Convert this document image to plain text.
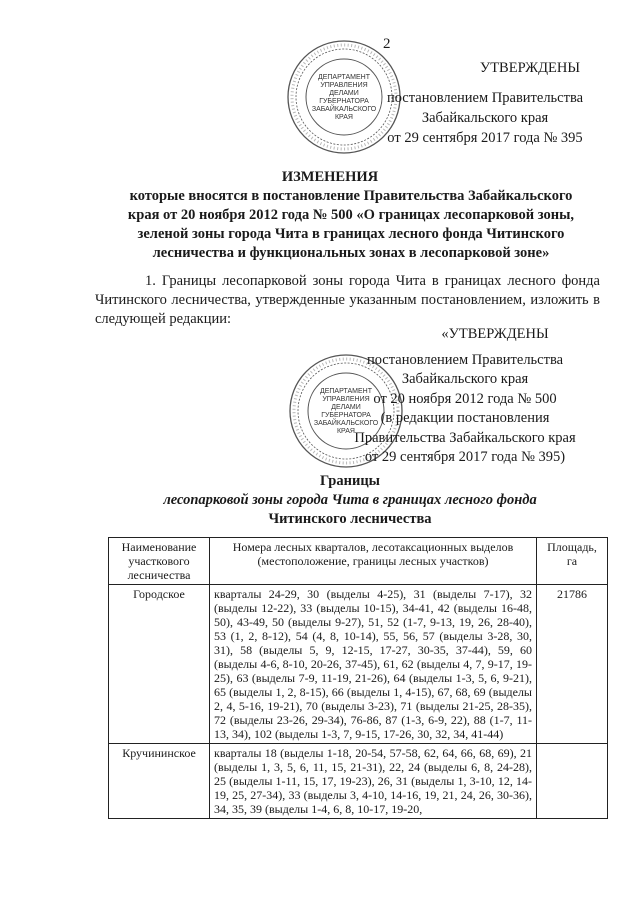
2
ДЕПАРТАМЕНТ
УПРАВЛЕНИЯ
ДЕЛАМИ
ГУБЕРНАТОРА
ЗАБАЙКАЛЬСКОГО
КРАЯ
УТВЕРЖДЕНЫ
постановлением Правительства
Забайкальского края
от 29 сентября 2017 года № 395
ИЗМЕНЕНИЯ
которые вносятся в постановление Правительства Забайкальского края от 20 ноября 2012 года № 500 «О границах лесопарковой зоны, зеленой зоны города Чита в границах лесного фонда Читинского лесничества и функциональных зонах в лесопарковой зоне»
1. Границы лесопарковой зоны города Чита в границах лесного фонда Читинского лесничества, утвержденные указанным постановлением, изложить в следующей редакции:
ДЕПАРТАМЕНТ
УПРАВЛЕНИЯ
ДЕЛАМИ
ГУБЕРНАТОРА
ЗАБАЙКАЛЬСКОГО
КРАЯ
«УТВЕРЖДЕНЫ
постановлением Правительства
Забайкальского края
от 20 ноября 2012 года № 500
(в редакции постановления
Правительства Забайкальского края
от 29 сентября 2017 года № 395)
Границы
лесопарковой зоны города Чита в границах лесного фонда
Читинского лесничества
Наименование участкового лесничества	Номера лесных кварталов, лесотаксационных выделов (местоположение, границы лесных участков)	Площадь, га
Городское	кварталы 24-29, 30 (выделы 4-25), 31 (выделы 7-17), 32 (выделы 12-22), 33 (выделы 10-15), 34-41, 42 (выделы 16-48, 50), 43-49, 50 (выделы 9-27), 51, 52 (1-7, 9-13, 19, 26, 28-40), 53 (1, 2, 8-12), 54 (4, 8, 10-14), 55, 56, 57 (выделы 3-28, 30, 31), 58 (выделы 5, 9, 12-15, 17-27, 30-35, 37-44), 59, 60 (выделы 4-6, 8-10, 20-26, 37-45), 61, 62 (выделы 4, 7, 9-17, 19-25), 63 (выделы 7-9, 11-19, 21-26), 64 (выделы 1-3, 5, 6, 9-21), 65 (выделы 1, 2, 8-15), 66 (выделы 1, 4-15), 67, 68, 69 (выделы 2, 4, 5-16, 19-21), 70 (выделы 3-23), 71 (выделы 21-25, 28-35), 72 (выделы 23-26, 29-34), 76-86, 87 (1-3, 6-9, 22), 88 (1-7, 11-13, 34), 102 (выделы 1-3, 7, 9-15, 17-26, 30, 32, 34, 41-44)	21786
Кручининское	кварталы 18 (выделы 1-18, 20-54, 57-58, 62, 64, 66, 68, 69), 21 (выделы 1, 3, 5, 6, 11, 15, 21-31), 22, 24 (выделы 6, 8, 24-28), 25 (выделы 1-11, 15, 17, 19-23), 26, 31 (выделы 1, 3-10, 12, 14-19, 25, 27-34), 33 (выделы 3, 4-10, 14-16, 19, 21, 24, 26, 30-36), 34, 35, 39 (выделы 1-4, 6, 8, 10-17, 19-20,	
